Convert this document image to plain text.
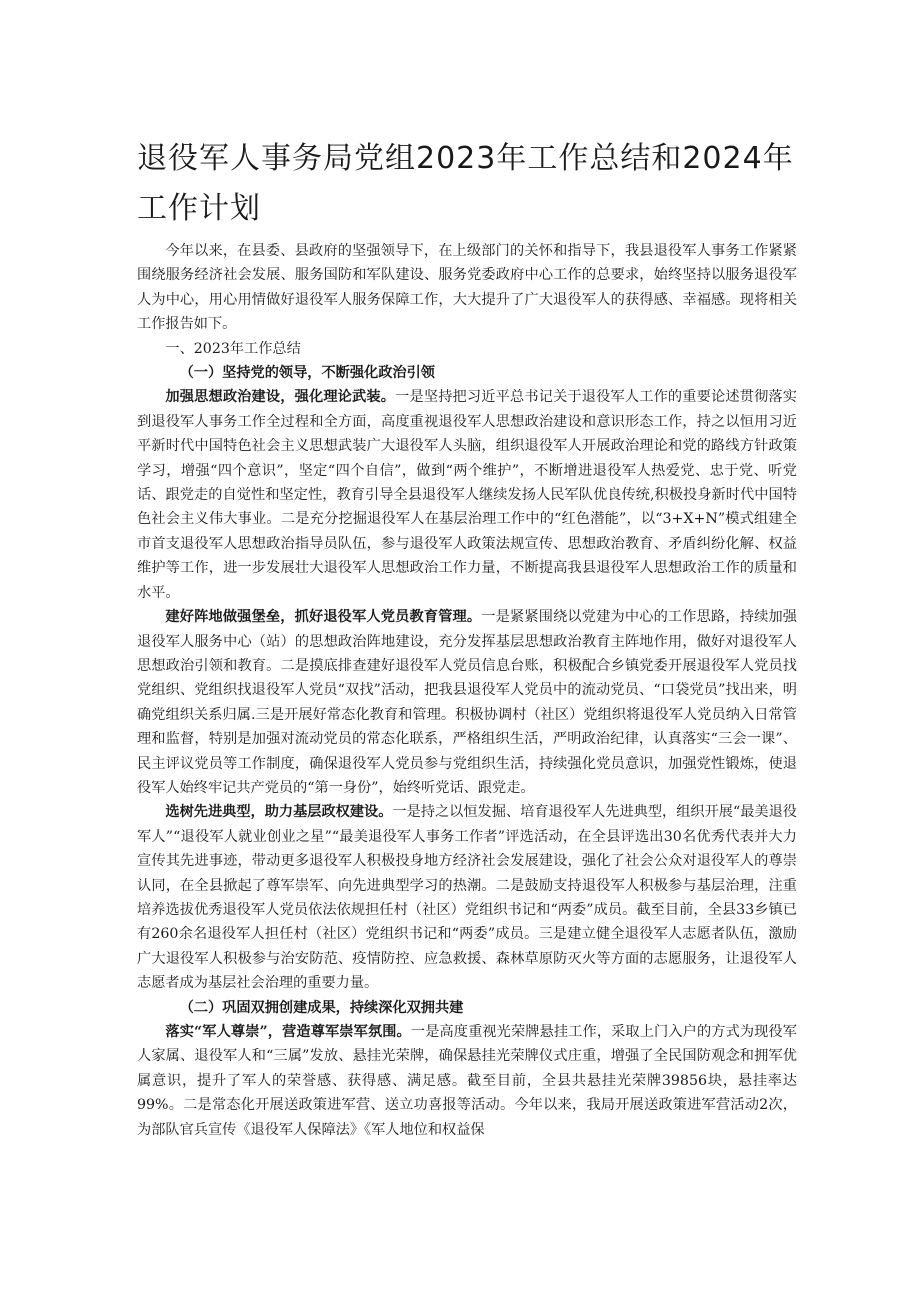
退役军人事务局党组2023年工作总结和2024年工作计划

今年以来，在县委、县政府的坚强领导下，在上级部门的关怀和指导下，我县退役军人事务工作紧紧围绕服务经济社会发展、服务国防和军队建设、服务党委政府中心工作的总要求，始终坚持以服务退役军人为中心，用心用情做好退役军人服务保障工作，大大提升了广大退役军人的获得感、幸福感。现将相关工作报告如下。

一、2023年工作总结

（一）坚持党的领导，不断强化政治引领

加强思想政治建设，强化理论武装。一是坚持把习近平总书记关于退役军人工作的重要论述贯彻落实到退役军人事务工作全过程和全方面，高度重视退役军人思想政治建设和意识形态工作，持之以恒用习近平新时代中国特色社会主义思想武装广大退役军人头脑，组织退役军人开展政治理论和党的路线方针政策学习，增强“四个意识”，坚定“四个自信”，做到“两个维护”，不断增进退役军人热爱党、忠于党、听党话、跟党走的自觉性和坚定性，教育引导全县退役军人继续发扬人民军队优良传统,积极投身新时代中国特色社会主义伟大事业。二是充分挖掘退役军人在基层治理工作中的“红色潜能”，以“3+X+N”模式组建全市首支退役军人思想政治指导员队伍，参与退役军人政策法规宣传、思想政治教育、矛盾纠纷化解、权益维护等工作，进一步发展壮大退役军人思想政治工作力量，不断提高我县退役军人思想政治工作的质量和水平。

建好阵地做强堡垒，抓好退役军人党员教育管理。一是紧紧围绕以党建为中心的工作思路，持续加强退役军人服务中心（站）的思想政治阵地建设，充分发挥基层思想政治教育主阵地作用，做好对退役军人思想政治引领和教育。二是摸底排查建好退役军人党员信息台账，积极配合乡镇党委开展退役军人党员找党组织、党组织找退役军人党员“双找”活动，把我县退役军人党员中的流动党员、“口袋党员”找出来，明确党组织关系归属.三是开展好常态化教育和管理。积极协调村（社区）党组织将退役军人党员纳入日常管理和监督，特别是加强对流动党员的常态化联系，严格组织生活，严明政治纪律，认真落实“三会一课”、民主评议党员等工作制度，确保退役军人党员参与党组织生活，持续强化党员意识，加强党性锻炼，使退役军人始终牢记共产党员的“第一身份”，始终听党话、跟党走。

选树先进典型，助力基层政权建设。一是持之以恒发掘、培育退役军人先进典型，组织开展“最美退役军人”“退役军人就业创业之星”“最美退役军人事务工作者”评选活动，在全县评选出30名优秀代表并大力宣传其先进事迹，带动更多退役军人积极投身地方经济社会发展建设，强化了社会公众对退役军人的尊崇认同，在全县掀起了尊军崇军、向先进典型学习的热潮。二是鼓励支持退役军人积极参与基层治理，注重培养选拔优秀退役军人党员依法依规担任村（社区）党组织书记和“两委”成员。截至目前，全县33乡镇已有260余名退役军人担任村（社区）党组织书记和“两委”成员。三是建立健全退役军人志愿者队伍，激励广大退役军人积极参与治安防范、疫情防控、应急救援、森林草原防灭火等方面的志愿服务，让退役军人志愿者成为基层社会治理的重要力量。

（二）巩固双拥创建成果，持续深化双拥共建

落实“军人尊崇”，营造尊军崇军氛围。一是高度重视光荣牌悬挂工作，采取上门入户的方式为现役军人家属、退役军人和“三属”发放、悬挂光荣牌，确保悬挂光荣牌仪式庄重，增强了全民国防观念和拥军优属意识，提升了军人的荣誉感、获得感、满足感。截至目前，全县共悬挂光荣牌39856块，悬挂率达99%。二是常态化开展送政策进军营、送立功喜报等活动。今年以来，我局开展送政策进军营活动2次，为部队官兵宣传《退役军人保障法》《军人地位和权益保
